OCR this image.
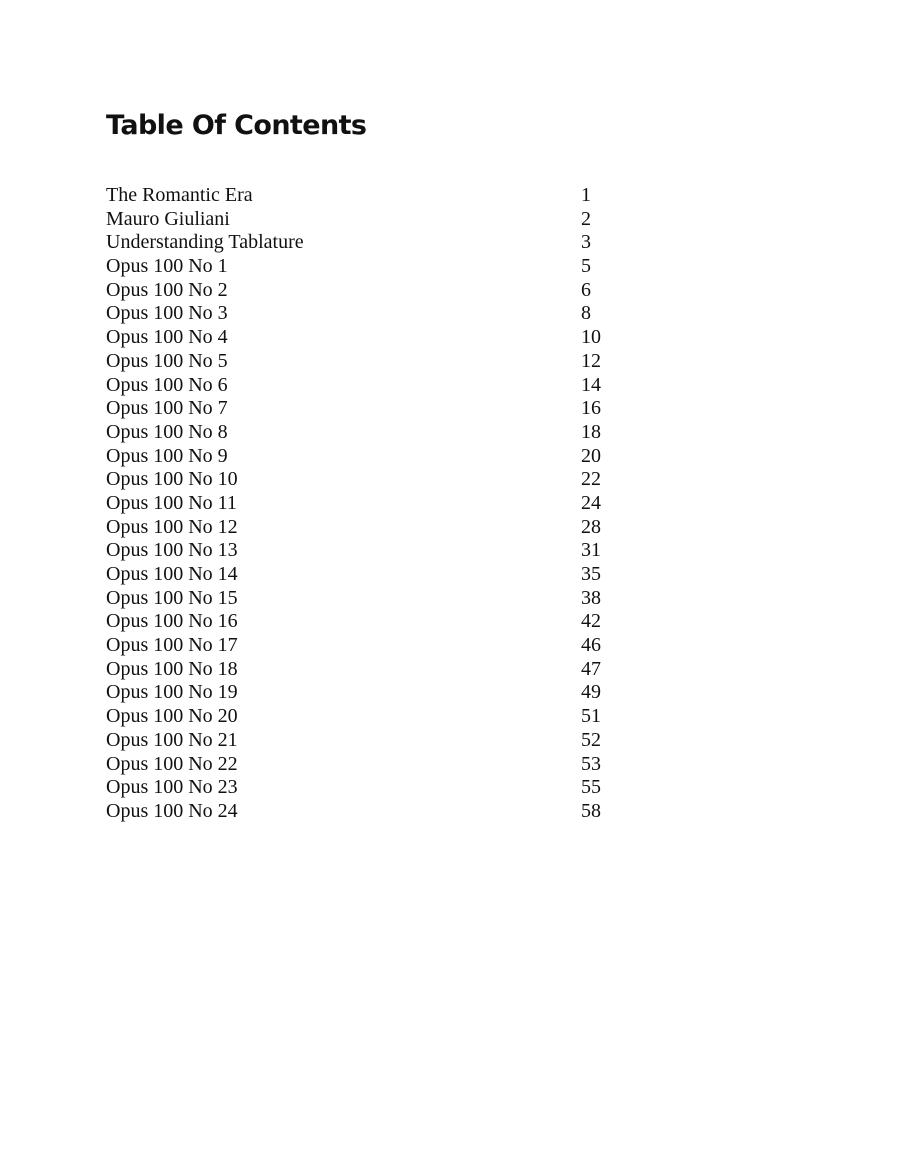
Table Of Contents
The Romantic Era	1
Mauro Giuliani	2
Understanding Tablature	3
Opus 100 No 1	5
Opus 100 No 2	6
Opus 100 No 3	8
Opus 100 No 4	10
Opus 100 No 5	12
Opus 100 No 6	14
Opus 100 No 7	16
Opus 100 No 8	18
Opus 100 No 9	20
Opus 100 No 10	22
Opus 100 No 11	24
Opus 100 No 12	28
Opus 100 No 13	31
Opus 100 No 14	35
Opus 100 No 15	38
Opus 100 No 16	42
Opus 100 No 17	46
Opus 100 No 18	47
Opus 100 No 19	49
Opus 100 No 20	51
Opus 100 No 21	52
Opus 100 No 22	53
Opus 100 No 23	55
Opus 100 No 24	58
